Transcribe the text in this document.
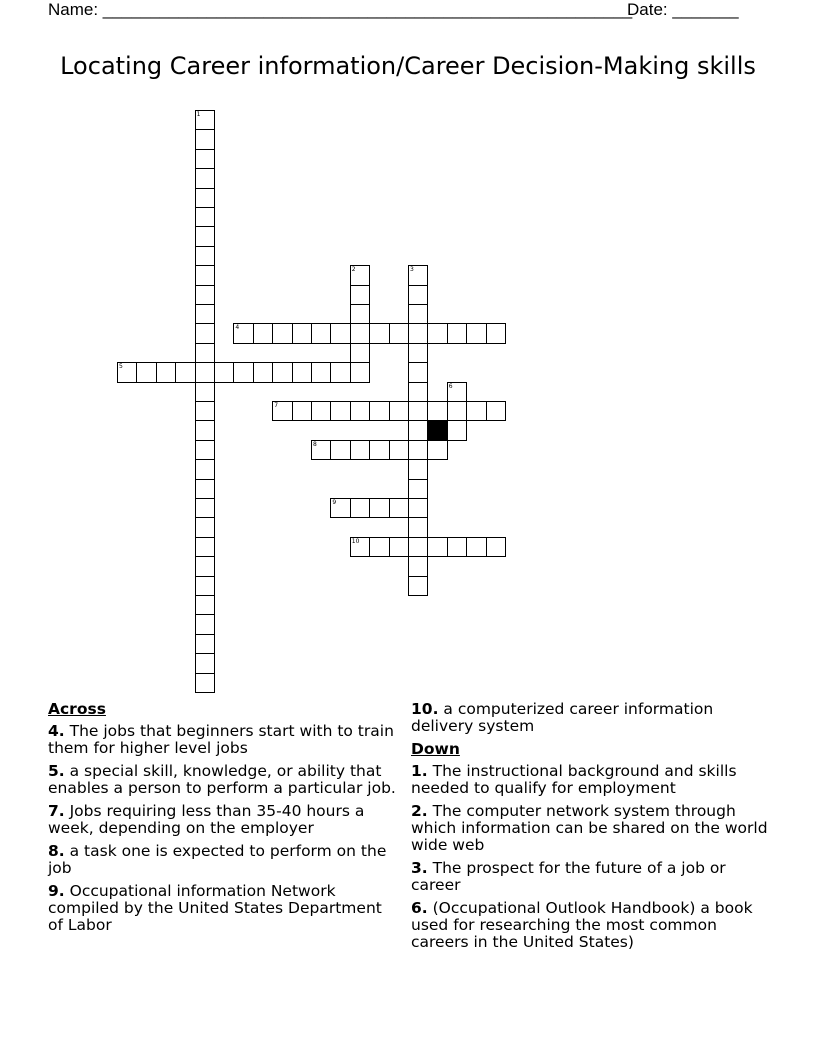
Name: ________________________________________________________
Date: _______
Locating Career information/Career Decision-Making skills
1
2	3
4
5
6
7
8
9
10
Across
4. The jobs that beginners start with to train them for higher level jobs
5. a special skill, knowledge, or ability that enables a person to perform a particular job.
7. Jobs requiring less than 35-40 hours a week, depending on the employer
8. a task one is expected to perform on the job
9. Occupational information Network compiled by the United States Department of Labor
10. a computerized career information delivery system
Down
1. The instructional background and skills needed to qualify for employment
2. The computer network system through which information can be shared on the world wide web
3. The prospect for the future of a job or career
6. (Occupational Outlook Handbook) a book used for researching the most common careers in the United States)
